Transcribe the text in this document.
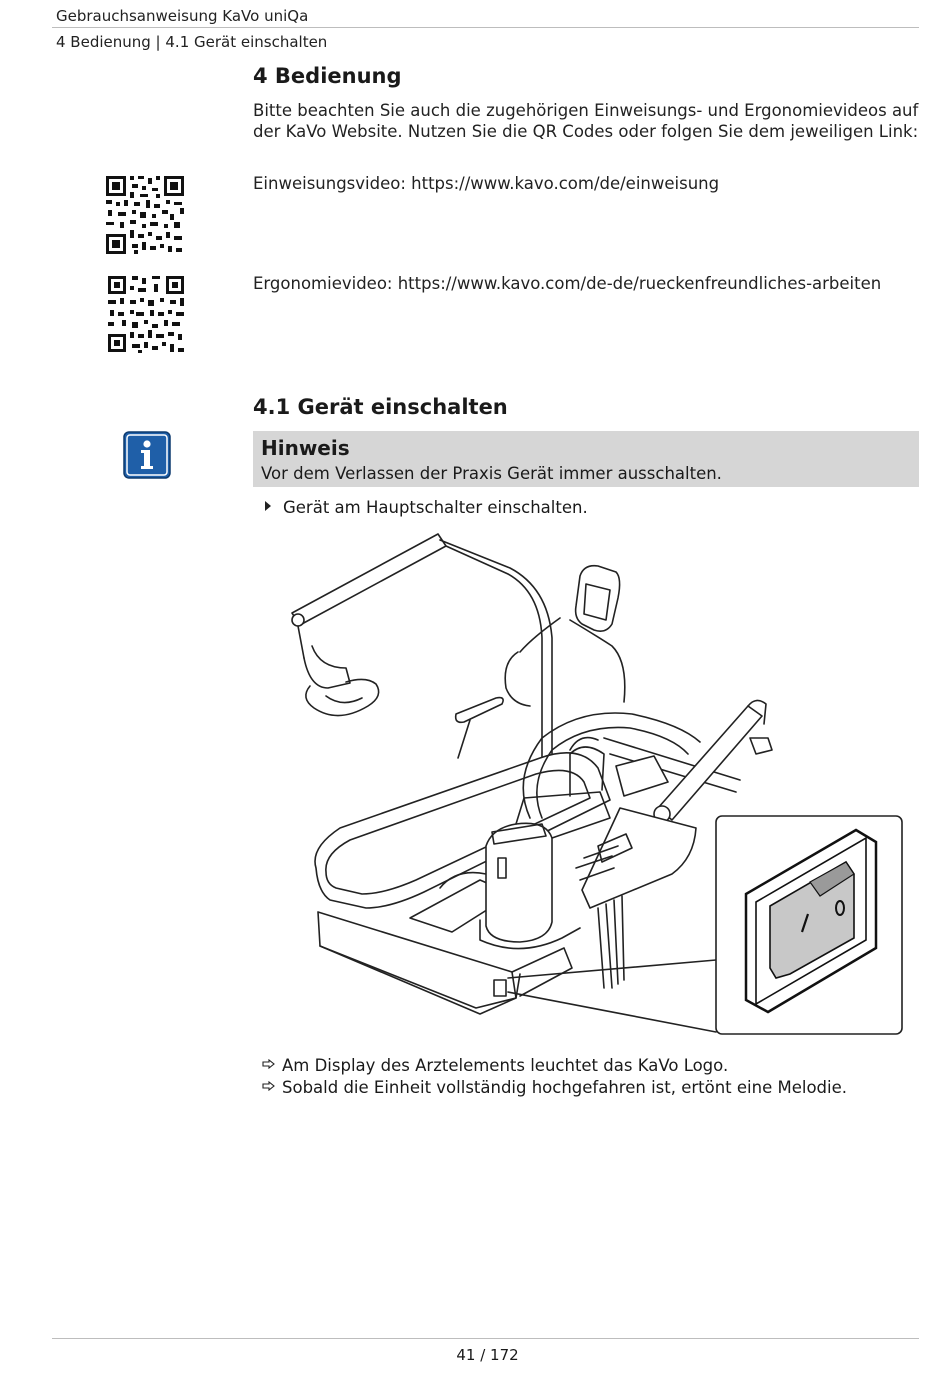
Gebrauchsanweisung KaVo uniQa
4 Bedienung | 4.1 Gerät einschalten
4 Bedienung
Bitte beachten Sie auch die zugehörigen Einweisungs- und Ergonomievideos auf der KaVo Website. Nutzen Sie die QR Codes oder folgen Sie dem jeweiligen Link:
Einweisungsvideo: https://www.kavo.com/de/einweisung
Ergonomievideo: https://www.kavo.com/de-de/rueckenfreundliches-arbeiten
4.1 Gerät einschalten
Hinweis
Vor dem Verlassen der Praxis Gerät immer ausschalten.
Gerät am Hauptschalter einschalten.
Am Display des Arztelements leuchtet das KaVo Logo.
Sobald die Einheit vollständig hochgefahren ist, ertönt eine Melodie.
41 / 172
